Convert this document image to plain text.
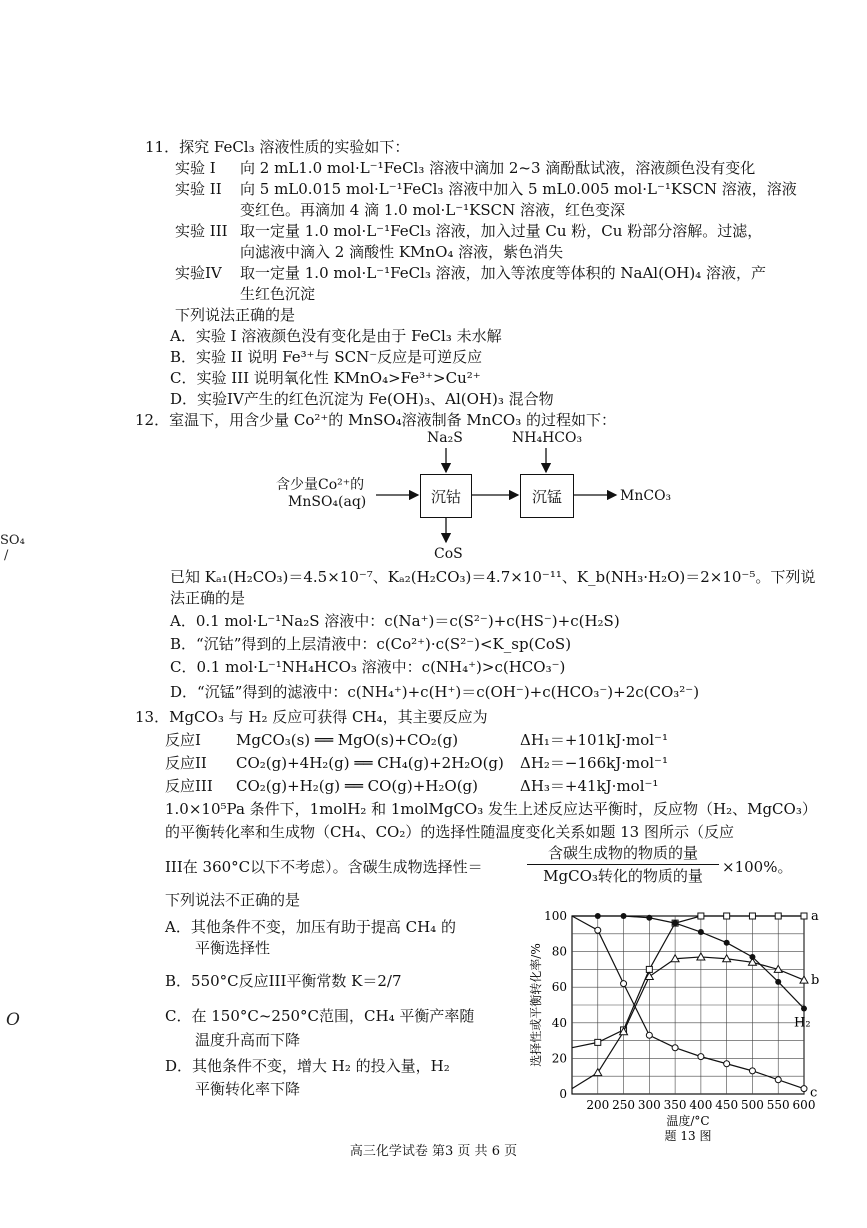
SO₄
/
O
11．探究 FeCl₃ 溶液性质的实验如下：
实验 I 向 2 mL1.0 mol·L⁻¹FeCl₃ 溶液中滴加 2~3 滴酚酞试液，溶液颜色没有变化
实验 II 向 5 mL0.015 mol·L⁻¹FeCl₃ 溶液中加入 5 mL0.005 mol·L⁻¹KSCN 溶液，溶液
变红色。再滴加 4 滴 1.0 mol·L⁻¹KSCN 溶液，红色变深
实验 III 取一定量 1.0 mol·L⁻¹FeCl₃ 溶液，加入过量 Cu 粉，Cu 粉部分溶解。过滤，
向滤液中滴入 2 滴酸性 KMnO₄ 溶液，紫色消失
实验IV 取一定量 1.0 mol·L⁻¹FeCl₃ 溶液，加入等浓度等体积的 NaAl(OH)₄ 溶液，产
生红色沉淀
下列说法正确的是
A．实验 I 溶液颜色没有变化是由于 FeCl₃ 未水解
B．实验 II 说明 Fe³⁺与 SCN⁻反应是可逆反应
C．实验 III 说明氧化性 KMnO₄>Fe³⁺>Cu²⁺
D．实验IV产生的红色沉淀为 Fe(OH)₃、Al(OH)₃ 混合物
12．室温下，用含少量 Co²⁺的 MnSO₄溶液制备 MnCO₃ 的过程如下：
Na₂S	NH₄HCO₃
含少量Co²⁺的
MnSO₄(aq)	沉钴	沉锰	MnCO₃
CoS
已知 Kₐ₁(H₂CO₃)＝4.5×10⁻⁷、Kₐ₂(H₂CO₃)＝4.7×10⁻¹¹、K_b(NH₃·H₂O)＝2×10⁻⁵。下列说
法正确的是
A．0.1 mol·L⁻¹Na₂S 溶液中：c(Na⁺)＝c(S²⁻)+c(HS⁻)+c(H₂S)
B．“沉钴”得到的上层清液中：c(Co²⁺)·c(S²⁻)<K_sp(CoS)
C．0.1 mol·L⁻¹NH₄HCO₃ 溶液中：c(NH₄⁺)>c(HCO₃⁻)
D．“沉锰”得到的滤液中：c(NH₄⁺)+c(H⁺)＝c(OH⁻)+c(HCO₃⁻)+2c(CO₃²⁻)
13．MgCO₃ 与 H₂ 反应可获得 CH₄，其主要反应为
反应I MgCO₃(s) ══ MgO(s)+CO₂(g)	ΔH₁＝+101kJ·mol⁻¹
反应II CO₂(g)+4H₂(g) ══ CH₄(g)+2H₂O(g) ΔH₂＝−166kJ·mol⁻¹
反应III CO₂(g)+H₂(g) ══ CO(g)+H₂O(g)	ΔH₃＝+41kJ·mol⁻¹
1.0×10⁵Pa 条件下，1molH₂ 和 1molMgCO₃ 发生上述反应达平衡时，反应物（H₂、MgCO₃）
的平衡转化率和生成物（CH₄、CO₂）的选择性随温度变化关系如题 13 图所示（反应
III在 360°C以下不考虑）。含碳生成物选择性＝
含碳生成物的物质的量
MgCO₃转化的物质的量	×100%。
下列说法不正确的是
A．其他条件不变，加压有助于提高 CH₄ 的
平衡选择性
B．550°C反应III平衡常数 K＝2/7
C．在 150°C~250°C范围，CH₄ 平衡产率随
温度升高而下降
D．其他条件不变，增大 H₂ 的投入量，H₂
平衡转化率下降
200 250 300 350 400 450 500 550 600
0
20
40
60
80
100
温度/°C
题 13 图
选择性或平衡转化率/%
a
b
H₂
c
高三化学试卷 第3 页 共 6 页
